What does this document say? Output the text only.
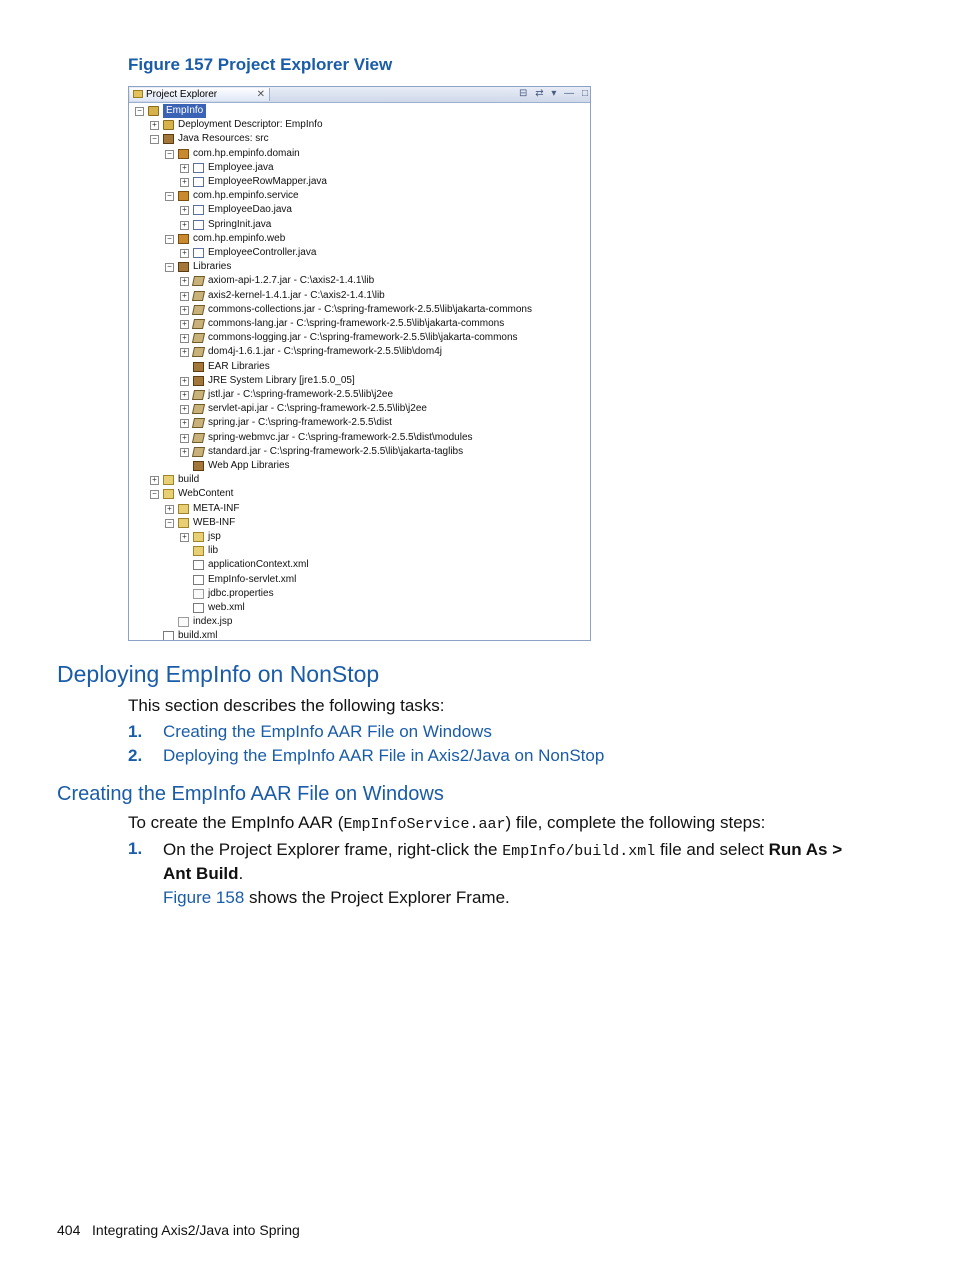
Figure 157 Project Explorer View
Project Explorer	✕	⊟ ⇄ ▾ — □
−	EmpInfo
+ Deployment Descriptor: EmpInfo
− Java Resources: src
− com.hp.empinfo.domain
+ Employee.java
+ EmployeeRowMapper.java
− com.hp.empinfo.service
+ EmployeeDao.java
+ SpringInit.java
− com.hp.empinfo.web
+ EmployeeController.java
− Libraries
+ axiom-api-1.2.7.jar - C:\axis2-1.4.1\lib
+ axis2-kernel-1.4.1.jar - C:\axis2-1.4.1\lib
+ commons-collections.jar - C:\spring-framework-2.5.5\lib\jakarta-commons
+ commons-lang.jar - C:\spring-framework-2.5.5\lib\jakarta-commons
+ commons-logging.jar - C:\spring-framework-2.5.5\lib\jakarta-commons
+ dom4j-1.6.1.jar - C:\spring-framework-2.5.5\lib\dom4j
EAR Libraries
+ JRE System Library [jre1.5.0_05]
+ jstl.jar - C:\spring-framework-2.5.5\lib\j2ee
+ servlet-api.jar - C:\spring-framework-2.5.5\lib\j2ee
+ spring.jar - C:\spring-framework-2.5.5\dist
+ spring-webmvc.jar - C:\spring-framework-2.5.5\dist\modules
+ standard.jar - C:\spring-framework-2.5.5\lib\jakarta-taglibs
Web App Libraries
+ build
− WebContent
+ META-INF
− WEB-INF
+ jsp
lib
applicationContext.xml
EmpInfo-servlet.xml
jdbc.properties
web.xml
index.jsp
build.xml
Deploying EmpInfo on NonStop
This section describes the following tasks:
1. Creating the EmpInfo AAR File on Windows
2. Deploying the EmpInfo AAR File in Axis2/Java on NonStop
Creating the EmpInfo AAR File on Windows
To create the EmpInfo AAR (EmpInfoService.aar) file, complete the following steps:
1. On the Project Explorer frame, right-click the EmpInfo/build.xml file and select Run As >
Ant Build.
Figure 158 shows the Project Explorer Frame.
404 Integrating Axis2/Java into Spring
